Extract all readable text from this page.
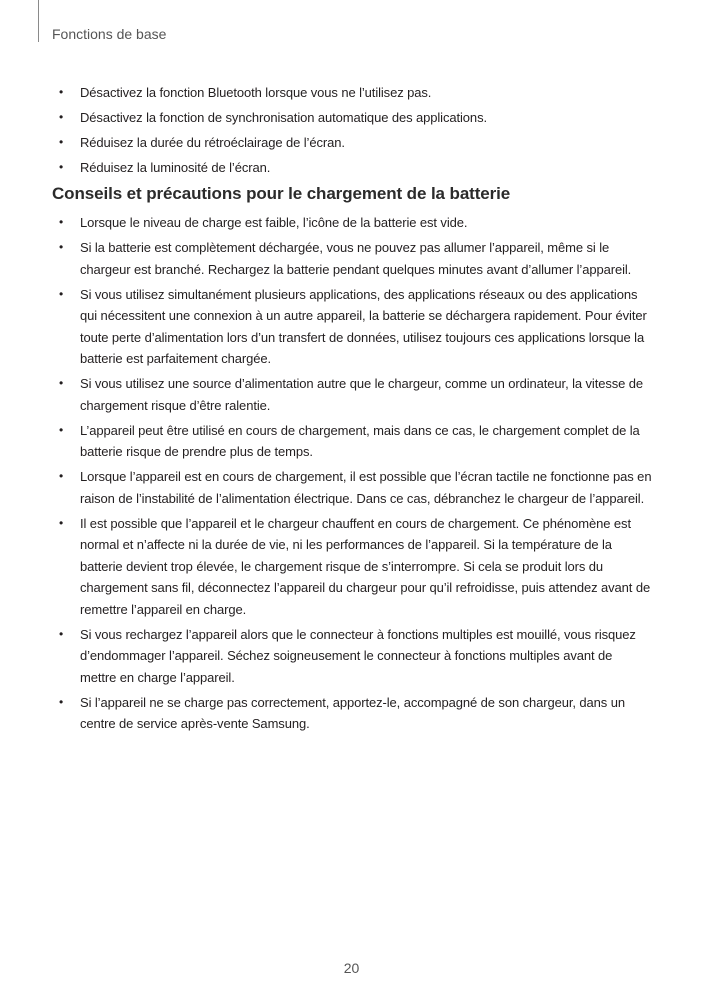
Fonctions de base
• Désactivez la fonction Bluetooth lorsque vous ne l’utilisez pas.
• Désactivez la fonction de synchronisation automatique des applications.
• Réduisez la durée du rétroéclairage de l’écran.
• Réduisez la luminosité de l’écran.
Conseils et précautions pour le chargement de la batterie
• Lorsque le niveau de charge est faible, l’icône de la batterie est vide.
• Si la batterie est complètement déchargée, vous ne pouvez pas allumer l’appareil, même si le chargeur est branché. Rechargez la batterie pendant quelques minutes avant d’allumer l’appareil.
• Si vous utilisez simultanément plusieurs applications, des applications réseaux ou des applications qui nécessitent une connexion à un autre appareil, la batterie se déchargera rapidement. Pour éviter toute perte d’alimentation lors d’un transfert de données, utilisez toujours ces applications lorsque la batterie est parfaitement chargée.
• Si vous utilisez une source d’alimentation autre que le chargeur, comme un ordinateur, la vitesse de chargement risque d’être ralentie.
• L’appareil peut être utilisé en cours de chargement, mais dans ce cas, le chargement complet de la batterie risque de prendre plus de temps.
• Lorsque l’appareil est en cours de chargement, il est possible que l’écran tactile ne fonctionne pas en raison de l’instabilité de l’alimentation électrique. Dans ce cas, débranchez le chargeur de l’appareil.
• Il est possible que l’appareil et le chargeur chauffent en cours de chargement. Ce phénomène est normal et n’affecte ni la durée de vie, ni les performances de l’appareil. Si la température de la batterie devient trop élevée, le chargement risque de s’interrompre. Si cela se produit lors du chargement sans fil, déconnectez l’appareil du chargeur pour qu’il refroidisse, puis attendez avant de remettre l’appareil en charge.
• Si vous rechargez l’appareil alors que le connecteur à fonctions multiples est mouillé, vous risquez d’endommager l’appareil. Séchez soigneusement le connecteur à fonctions multiples avant de mettre en charge l’appareil.
• Si l’appareil ne se charge pas correctement, apportez-le, accompagné de son chargeur, dans un centre de service après-vente Samsung.
20
